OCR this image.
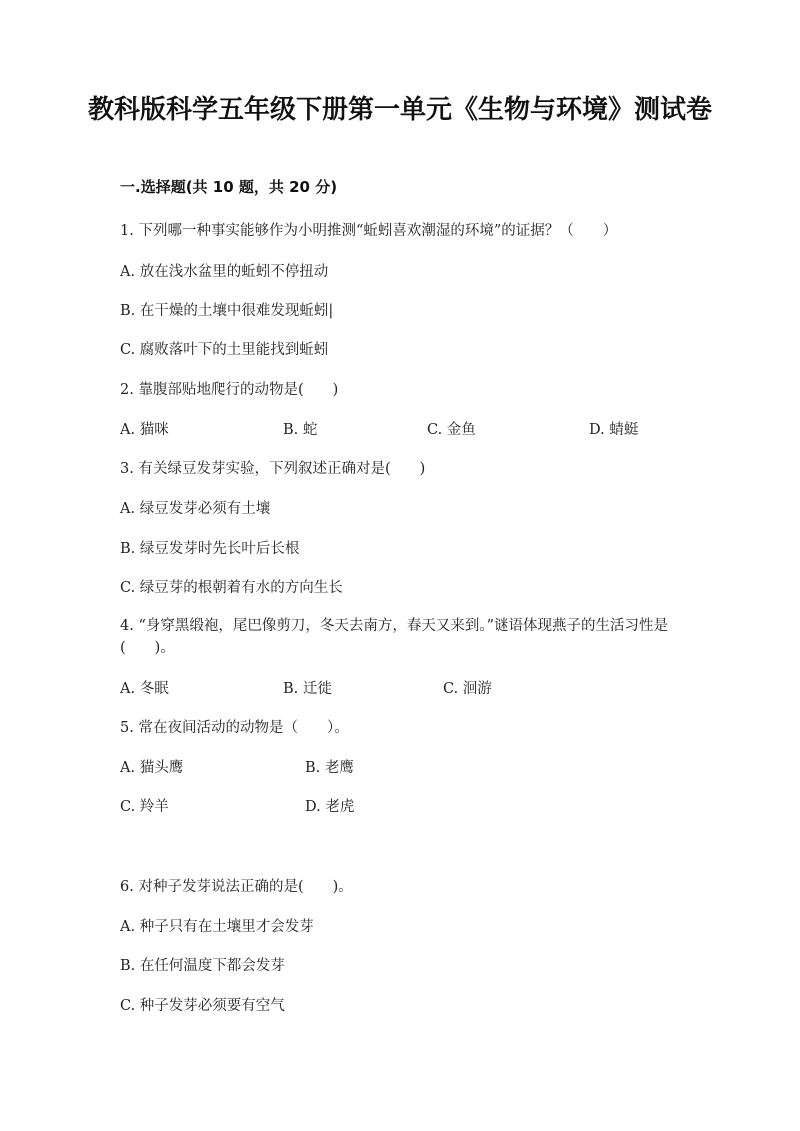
教科版科学五年级下册第一单元《生物与环境》测试卷
一.选择题(共 10 题，共 20 分)
1. 下列哪一种事实能够作为小明推测“蚯蚓喜欢潮湿的环境”的证据？（　　）
A. 放在浅水盆里的蚯蚓不停扭动
B. 在干燥的土壤中很难发现蚯蚓|
C. 腐败落叶下的土里能找到蚯蚓
2. 靠腹部贴地爬行的动物是(　　)
A. 猫咪	B. 蛇	C. 金鱼	D. 蜻蜓
3. 有关绿豆发芽实验，下列叙述正确对是(　　)
A. 绿豆发芽必须有土壤
B. 绿豆发芽时先长叶后长根
C. 绿豆芽的根朝着有水的方向生长
4. “身穿黑缎袍，尾巴像剪刀，冬天去南方，春天又来到。”谜语体现燕子的生活习性是(　　)。
A. 冬眠	B. 迁徙	C. 洄游
5. 常在夜间活动的动物是（　　）。
A. 猫头鹰	B. 老鹰
C. 羚羊	D. 老虎
6. 对种子发芽说法正确的是(　　)。
A. 种子只有在土壤里才会发芽
B. 在任何温度下都会发芽
C. 种子发芽必须要有空气
